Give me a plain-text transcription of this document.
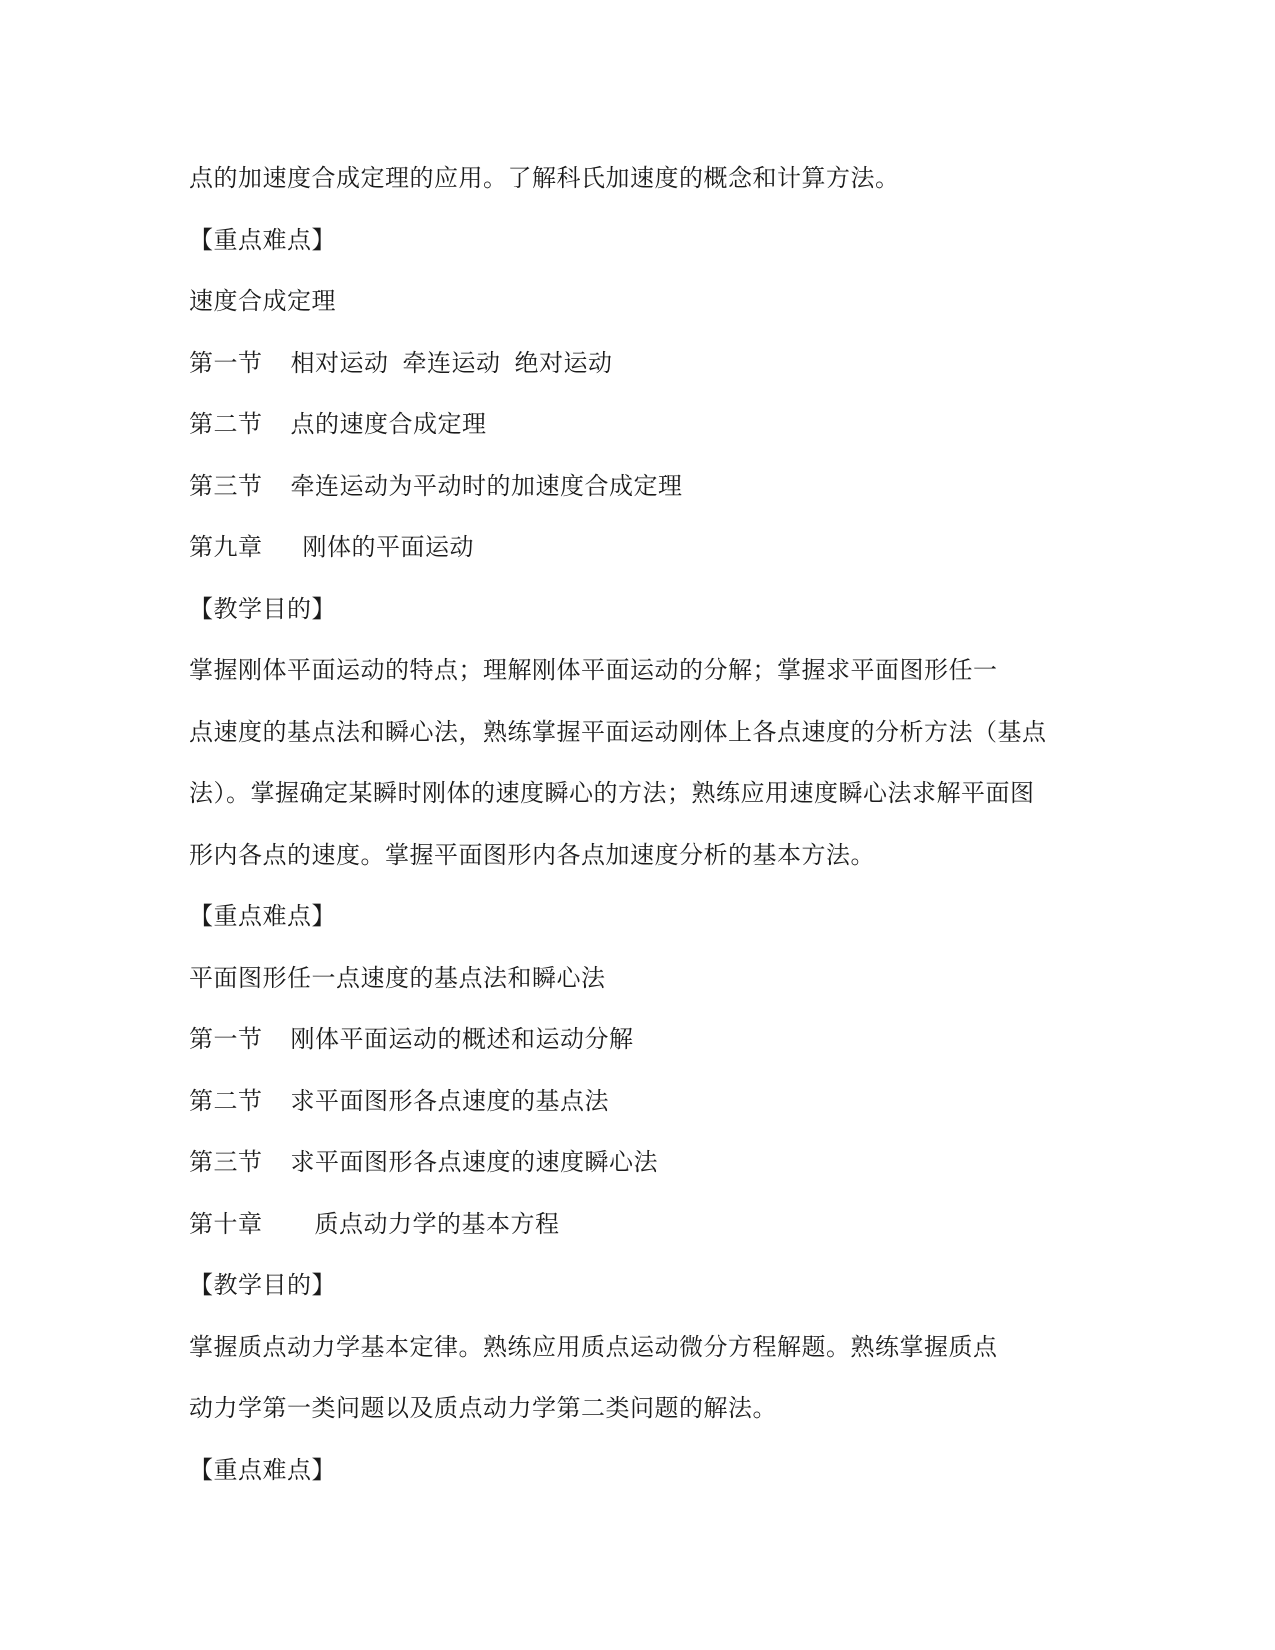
点的加速度合成定理的应用。了解科氏加速度的概念和计算方法。
【重点难点】
速度合成定理
第一节 相对运动 牵连运动 绝对运动
第二节 点的速度合成定理
第三节 牵连运动为平动时的加速度合成定理
第九章 刚体的平面运动
【教学目的】
掌握刚体平面运动的特点；理解刚体平面运动的分解；掌握求平面图形任一
点速度的基点法和瞬心法，熟练掌握平面运动刚体上各点速度的分析方法（基点
法）。掌握确定某瞬时刚体的速度瞬心的方法；熟练应用速度瞬心法求解平面图
形内各点的速度。掌握平面图形内各点加速度分析的基本方法。
【重点难点】
平面图形任一点速度的基点法和瞬心法
第一节 刚体平面运动的概述和运动分解
第二节 求平面图形各点速度的基点法
第三节 求平面图形各点速度的速度瞬心法
第十章 质点动力学的基本方程
【教学目的】
掌握质点动力学基本定律。熟练应用质点运动微分方程解题。熟练掌握质点
动力学第一类问题以及质点动力学第二类问题的解法。
【重点难点】
